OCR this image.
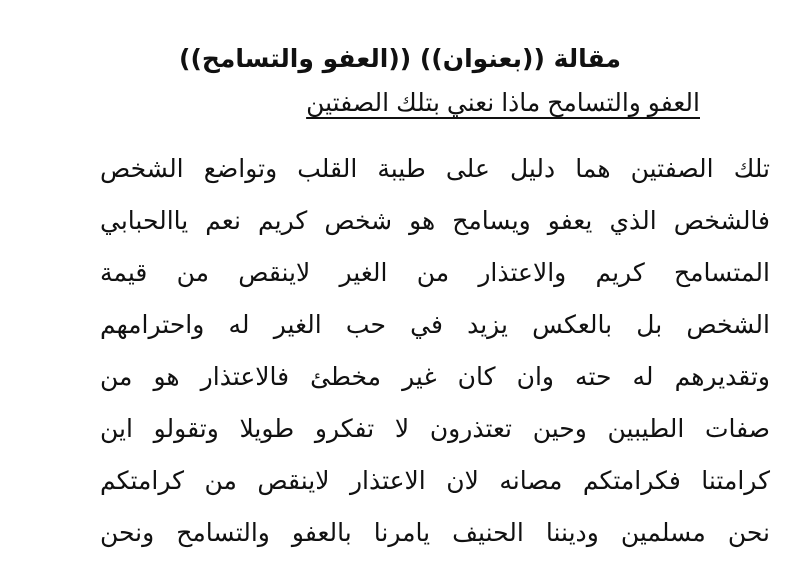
مقالة ((بعنوان)) ((العفو والتسامح))
العفو والتسامح ماذا نعني بتلك الصفتين
تلك الصفتين هما دليل على طيبة القلب وتواضع الشخص
فالشخص الذي يعفو ويسامح هو شخص كريم نعم ياالحبابي
المتسامح كريم والاعتذار من الغير لاينقص من قيمة
الشخص بل بالعكس يزيد في حب الغير له واحترامهم
وتقديرهم له حته وان كان غير مخطئ فالاعتذار هو من
صفات الطيبين وحين تعتذرون لا تفكرو طويلا وتقولو اين
كرامتنا فكرامتكم مصانه لان الاعتذار لاينقص من كرامتكم
نحن مسلمين وديننا الحنيف يامرنا بالعفو والتسامح ونحن
